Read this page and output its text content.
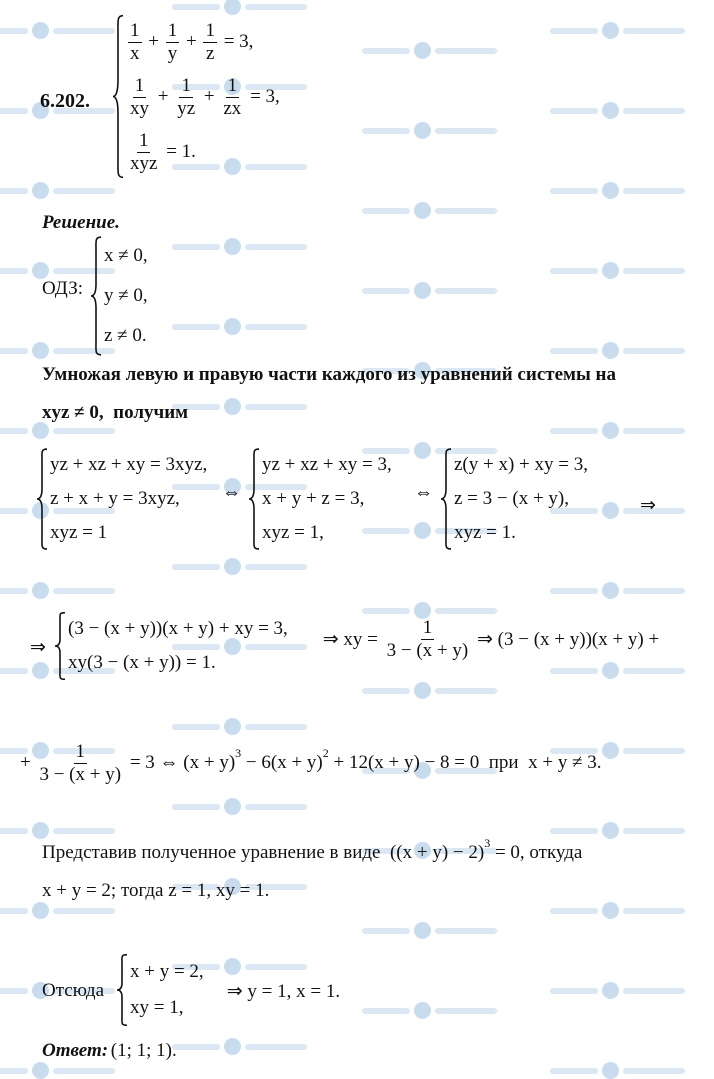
6.202.
$\frac{1}{x} + \frac{1}{y} + \frac{1}{z} = 3$,
$\frac{1}{xy} + \frac{1}{yz} + \frac{1}{zx} = 3$,
$\frac{1}{\text{xyz}} = 1$.
Решение.
ОДЗ:
x ≠ 0,
y ≠ 0,
z ≠ 0.
Умножая левую и правую части каждого из уравнений системы на
xyz ≠ 0, получим
yz + xz + xy = 3xyz,
z + x + y = 3xyz,
xyz = 1
⇔
yz + xz + xy = 3,
x + y + z = 3,
xyz = 1,
⇔
z(y + x) + xy = 3,
z = 3 − (x + y),
xyz = 1.
⇒
⇒
(3 − (x + y))(x + y) + xy = 3,
xy(3 − (x + y)) = 1.
⇒ xy = $\frac{1}{3 - (x + y)}$ ⇒ (3 − (x + y))(x + y) +
+ $\frac{1}{3 - (x + y)} = 3$ ⇔ (x + y) 3 − 6(x + y) 2 + 12(x + y) − 8 = 0  при  x + y ≠ 3.
Представив полученное уравнение в виде  ((x + y) − 2) 3 = 0, откуда
x + y = 2; тогда z = 1, xy = 1.
Отсюда
x + y = 2,
xy = 1,
⇒ y = 1, x = 1.
Ответ:
(1; 1; 1).
